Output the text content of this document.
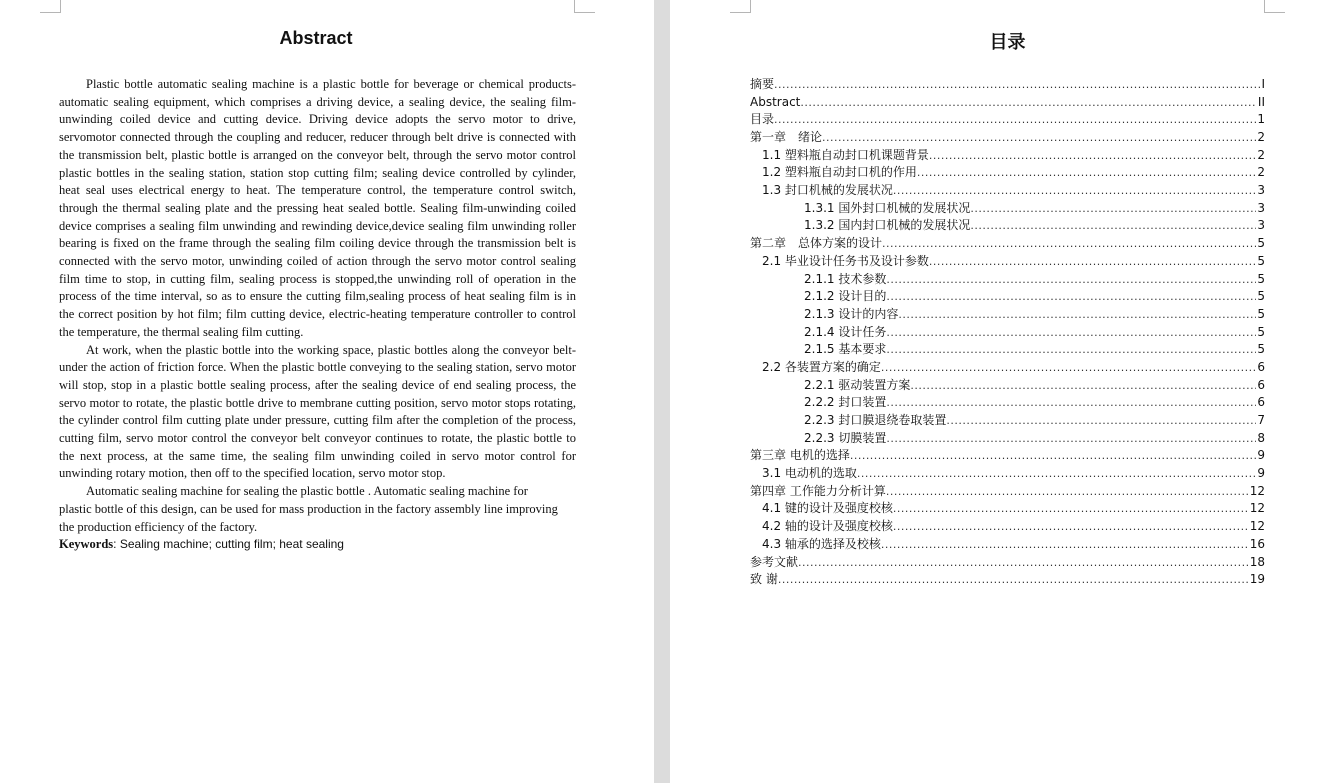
Abstract

Plastic bottle automatic sealing machine is a plastic bottle for beverage or chemical products-automatic sealing equipment, which comprises a driving device, a sealing device, the sealing film-unwinding coiled device and cutting device. Driving device adopts the servo motor to drive, servomotor connected through the coupling and reducer, reducer through belt drive is connected with the transmission belt, plastic bottle is arranged on the conveyor belt, through the servo motor control plastic bottles in the sealing station, station stop cutting film; sealing device controlled by cylinder, heat seal uses electrical energy to heat. The temperature control, the temperature control switch, through the thermal sealing plate and the pressing heat sealed bottle. Sealing film-unwinding coiled device comprises a sealing film unwinding and rewinding device,device sealing film unwinding roller bearing is fixed on the frame through the sealing film coiling device through the transmission belt is connected with the servo motor, unwinding coiled of action through the servo motor control sealing film time to stop, in cutting film, sealing process is stopped,the unwinding roll of operation in the process of the time interval, so as to ensure the cutting film,sealing process of heat sealing film is in the correct position by hot film; film cutting device, electric-heating temperature controller to control the temperature, the thermal sealing film cutting.

At work, when the plastic bottle into the working space, plastic bottles along the conveyor belt-under the action of friction force. When the plastic bottle conveying to the sealing station, servo motor will stop, stop in a plastic bottle sealing process, after the sealing device of end sealing process, the servo motor to rotate, the plastic bottle drive to membrane cutting position, servo motor stops rotating, the cylinder control film cutting plate under pressure, cutting film after the completion of the process, cutting film, servo motor control the conveyor belt conveyor continues to rotate, the plastic bottle to the next process, at the same time, the sealing film unwinding coiled in servo motor control for unwinding rotary motion, then off to the specified location, servo motor stop.

Automatic sealing machine for sealing the plastic bottle . Automatic sealing machine for plastic bottle of this design, can be used for mass production in the factory assembly line improving the production efficiency of the factory.

Keywords: Sealing machine; cutting film; heat sealing
目录
摘要 .....	I
Abstract .....	II
目录 .....	1
第一章　绪论 .....	2
1.1 塑料瓶自动封口机课题背景 .....	2
1.2 塑料瓶自动封口机的作用 .....	2
1.3 封口机械的发展状况 .....	3
1.3.1 国外封口机械的发展状况 .....	3
1.3.2 国内封口机械的发展状况 .....	3
第二章　总体方案的设计 .....	5
2.1 毕业设计任务书及设计参数 .....	5
2.1.1 技术参数 .....	5
2.1.2 设计目的 .....	5
2.1.3 设计的内容 .....	5
2.1.4 设计任务 .....	5
2.1.5 基本要求 .....	5
2.2 各装置方案的确定 .....	6
2.2.1 驱动装置方案 .....	6
2.2.2 封口装置 .....	6
2.2.3 封口膜退绕卷取装置 .....	7
2.2.3 切膜装置 .....	8
第三章 电机的选择 .....	9
3.1 电动机的选取 .....	9
第四章 工作能力分析计算 .....	12
4.1 键的设计及强度校核 .....	12
4.2 轴的设计及强度校核 .....	12
4.3 轴承的选择及校核 .....	16
参考文献 .....	18
致 谢 .....	19
